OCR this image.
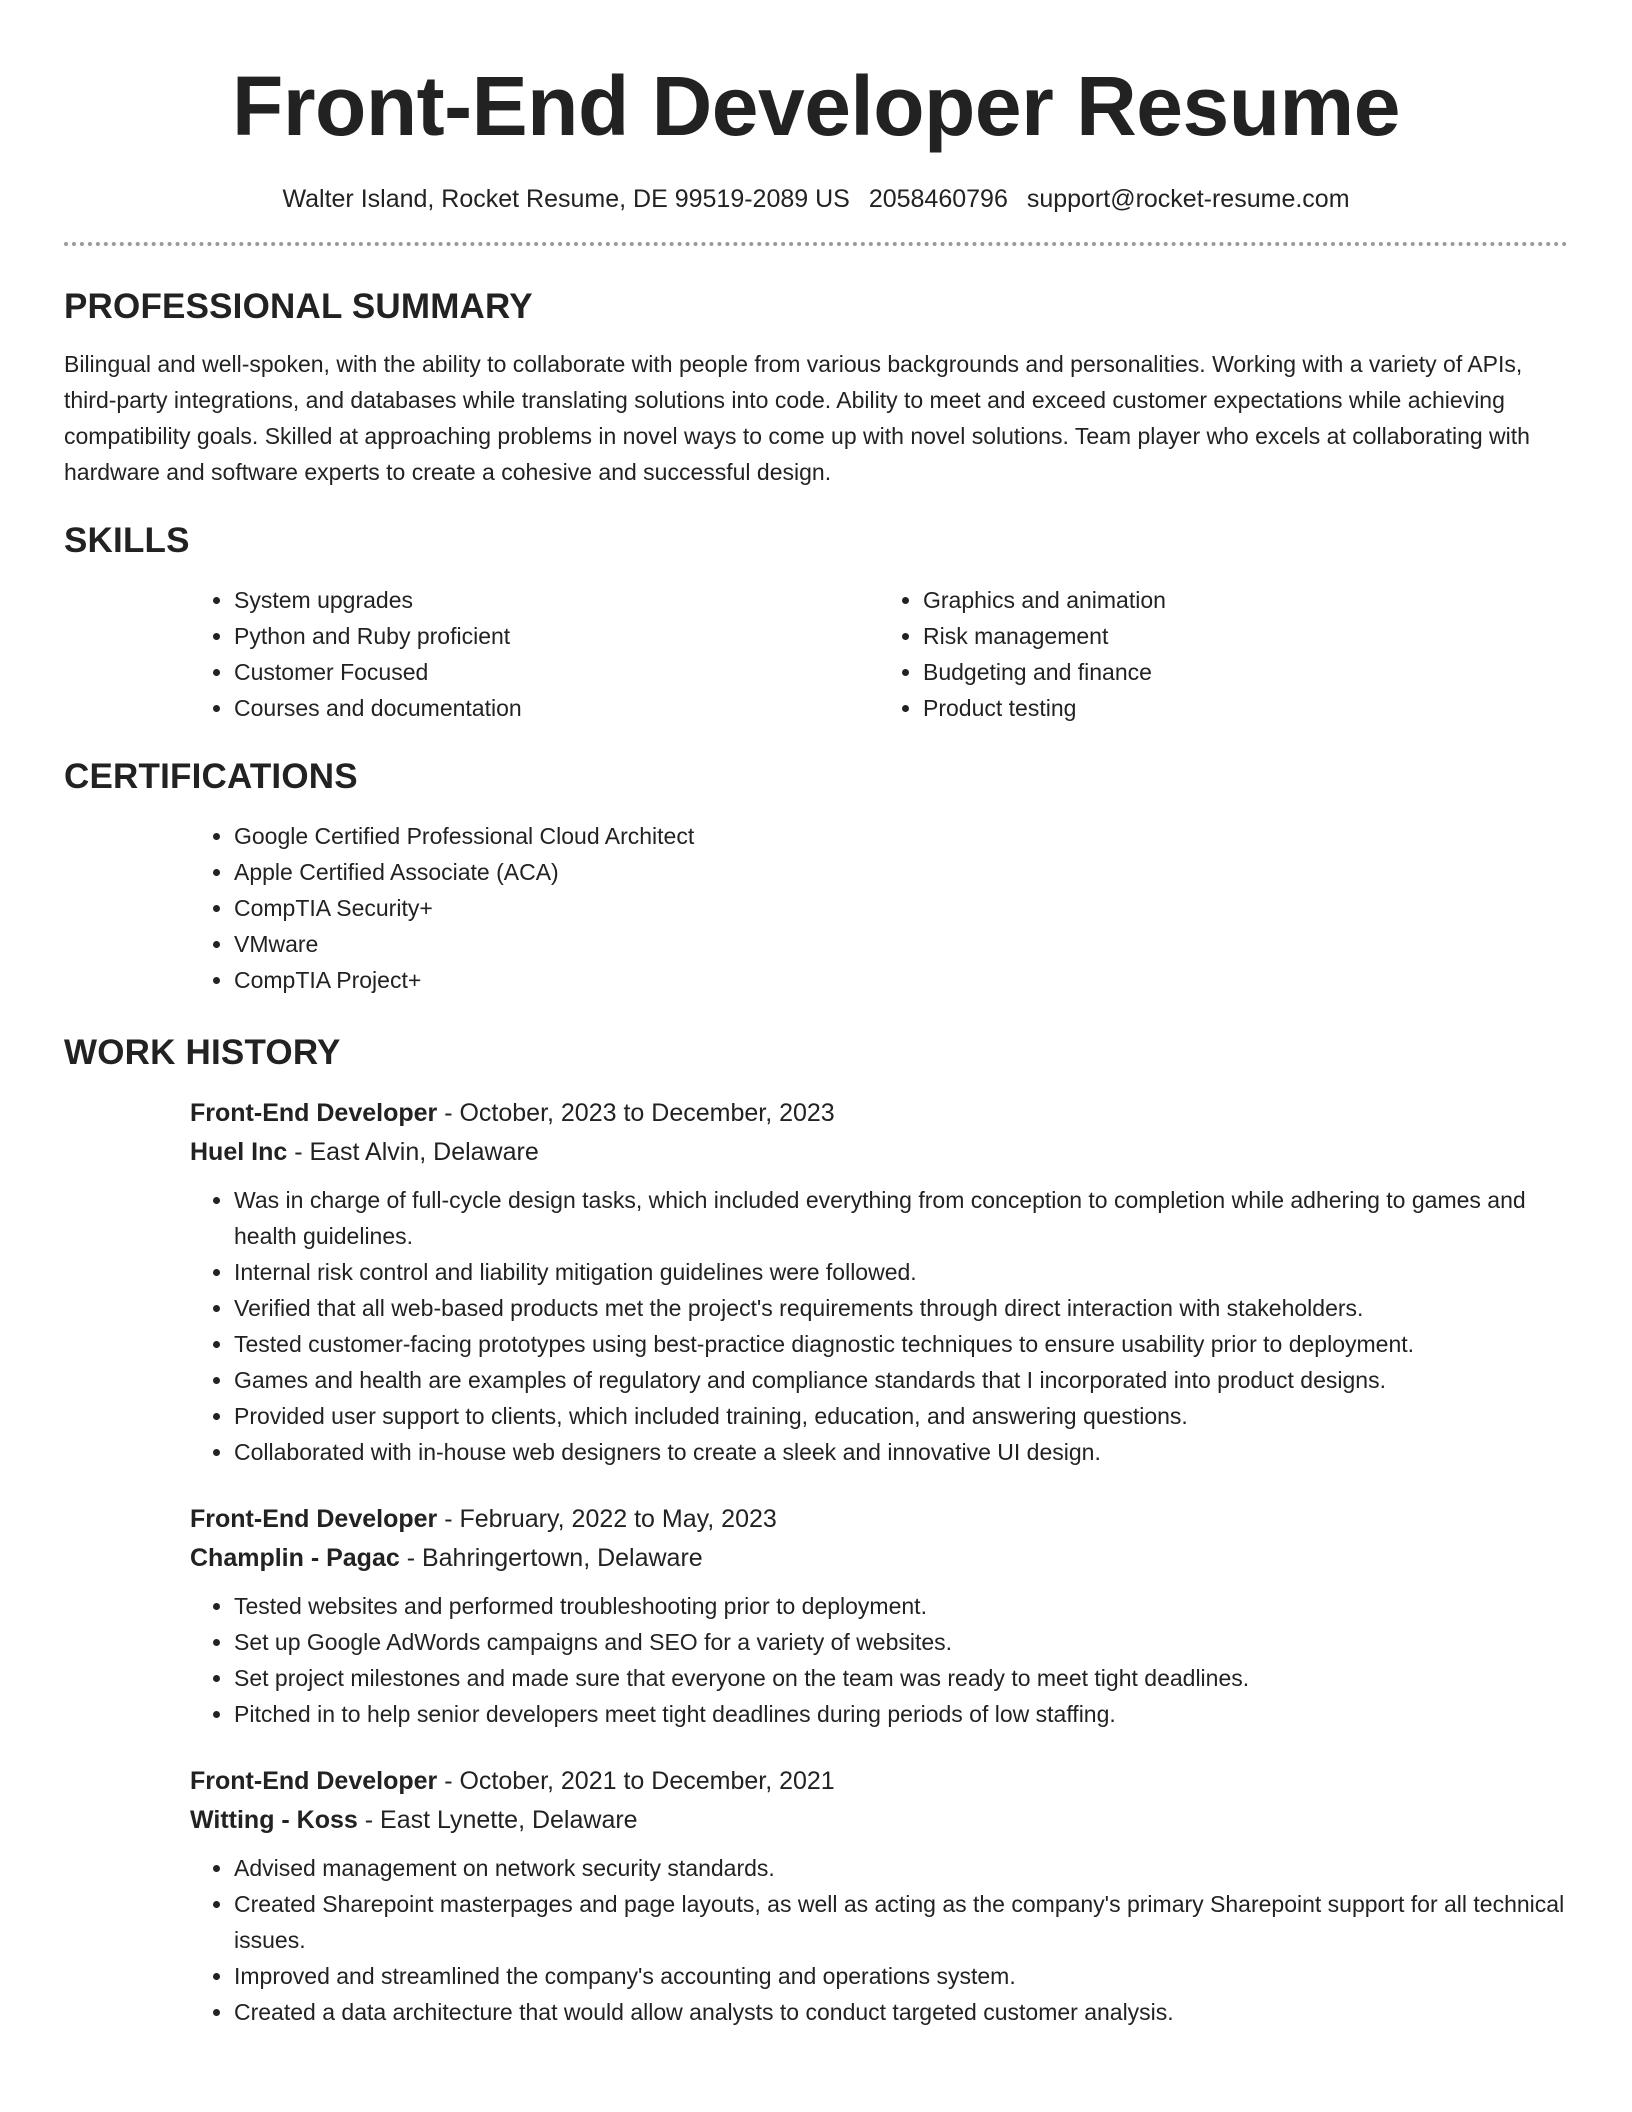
Front-End Developer Resume
Walter Island, Rocket Resume, DE 99519-2089 US 2058460796 support@rocket-resume.com
PROFESSIONAL SUMMARY

Bilingual and well-spoken, with the ability to collaborate with people from various backgrounds and personalities. Working with a variety of APIs, third-party integrations, and databases while translating solutions into code. Ability to meet and exceed customer expectations while achieving compatibility goals. Skilled at approaching problems in novel ways to come up with novel solutions. Team player who excels at collaborating with hardware and software experts to create a cohesive and successful design.

SKILLS
• System upgrades
• Python and Ruby proficient
• Customer Focused
• Courses and documentation
• Graphics and animation
• Risk management
• Budgeting and finance
• Product testing
CERTIFICATIONS
• Google Certified Professional Cloud Architect
• Apple Certified Associate (ACA)
• CompTIA Security+
• VMware
• CompTIA Project+
WORK HISTORY
Front-End Developer - October, 2023 to December, 2023
Huel Inc - East Alvin, Delaware
• Was in charge of full-cycle design tasks, which included everything from conception to completion while adhering to games and health guidelines.
• Internal risk control and liability mitigation guidelines were followed.
• Verified that all web-based products met the project's requirements through direct interaction with stakeholders.
• Tested customer-facing prototypes using best-practice diagnostic techniques to ensure usability prior to deployment.
• Games and health are examples of regulatory and compliance standards that I incorporated into product designs.
• Provided user support to clients, which included training, education, and answering questions.
• Collaborated with in-house web designers to create a sleek and innovative UI design.
Front-End Developer - February, 2022 to May, 2023
Champlin - Pagac - Bahringertown, Delaware
• Tested websites and performed troubleshooting prior to deployment.
• Set up Google AdWords campaigns and SEO for a variety of websites.
• Set project milestones and made sure that everyone on the team was ready to meet tight deadlines.
• Pitched in to help senior developers meet tight deadlines during periods of low staffing.
Front-End Developer - October, 2021 to December, 2021
Witting - Koss - East Lynette, Delaware
• Advised management on network security standards.
• Created Sharepoint masterpages and page layouts, as well as acting as the company's primary Sharepoint support for all technical issues.
• Improved and streamlined the company's accounting and operations system.
• Created a data architecture that would allow analysts to conduct targeted customer analysis.
